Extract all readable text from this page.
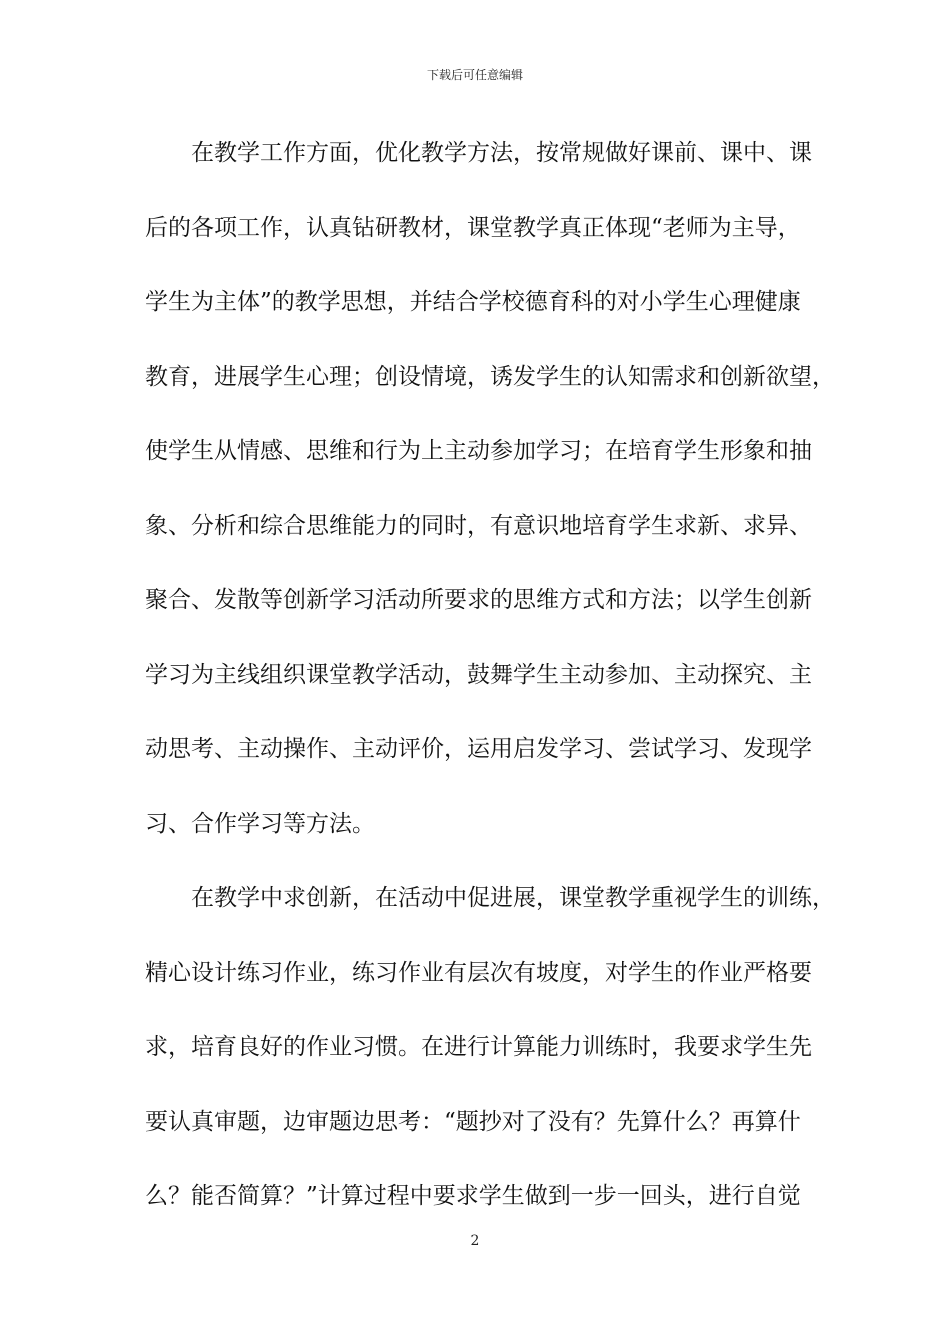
下载后可任意编辑
在教学工作方面，优化教学方法，按常规做好课前、课中、课
后的各项工作，认真钻研教材，课堂教学真正体现“老师为主导，
学生为主体”的教学思想，并结合学校德育科的对小学生心理健康
教育，进展学生心理；创设情境，诱发学生的认知需求和创新欲望，
使学生从情感、思维和行为上主动参加学习；在培育学生形象和抽
象、分析和综合思维能力的同时，有意识地培育学生求新、求异、
聚合、发散等创新学习活动所要求的思维方式和方法；以学生创新
学习为主线组织课堂教学活动，鼓舞学生主动参加、主动探究、主
动思考、主动操作、主动评价，运用启发学习、尝试学习、发现学
习、合作学习等方法。
在教学中求创新，在活动中促进展，课堂教学重视学生的训练，
精心设计练习作业，练习作业有层次有坡度，对学生的作业严格要
求，培育良好的作业习惯。在进行计算能力训练时，我要求学生先
要认真审题，边审题边思考：“题抄对了没有？先算什么？再算什
么？能否简算？”计算过程中要求学生做到一步一回头，进行自觉
2
